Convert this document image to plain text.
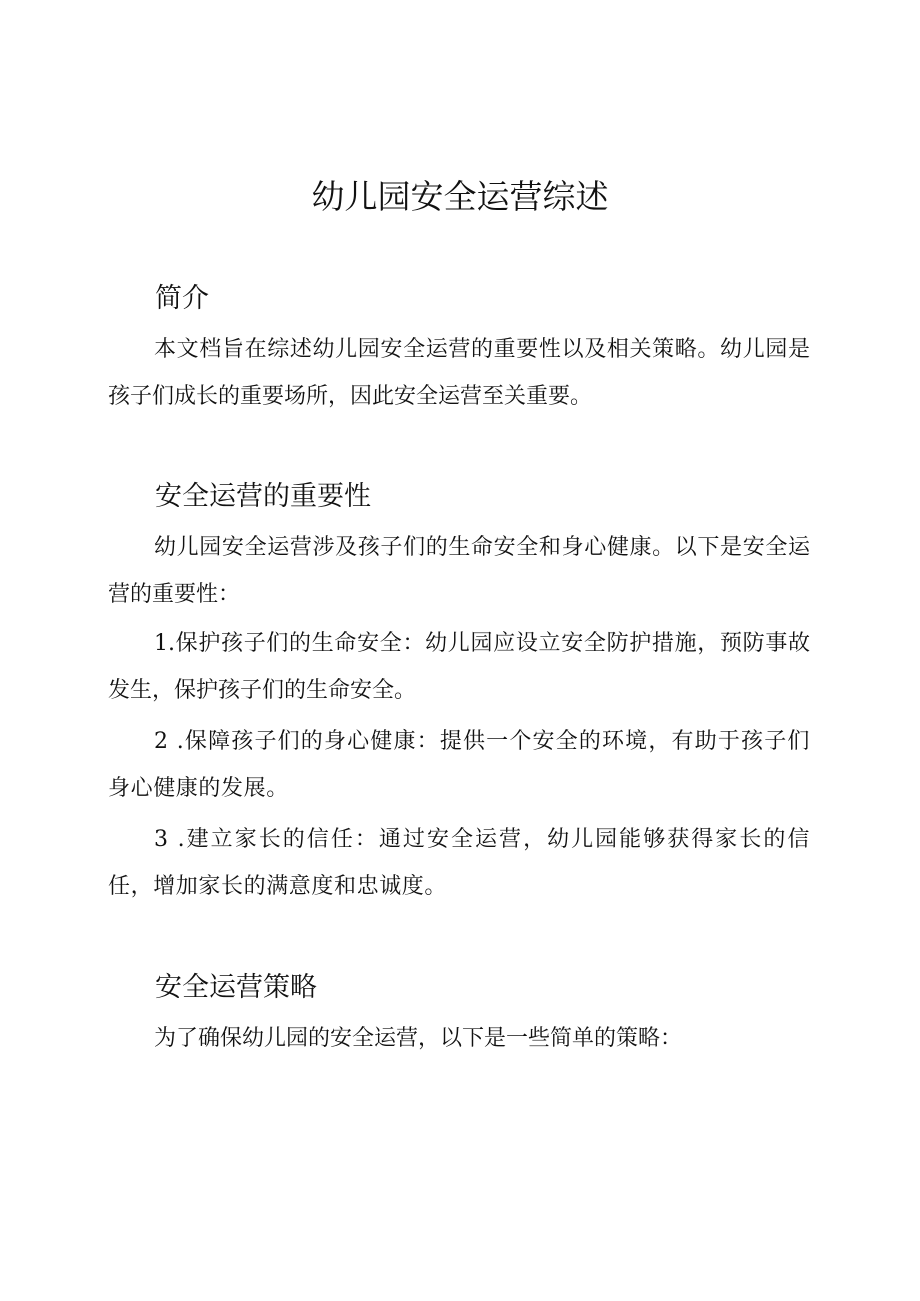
幼儿园安全运营综述
简介

本文档旨在综述幼儿园安全运营的重要性以及相关策略。幼儿园是孩子们成长的重要场所，因此安全运营至关重要。

安全运营的重要性

幼儿园安全运营涉及孩子们的生命安全和身心健康。以下是安全运营的重要性：

1.保护孩子们的生命安全：幼儿园应设立安全防护措施，预防事故发生，保护孩子们的生命安全。

2 .保障孩子们的身心健康：提供一个安全的环境，有助于孩子们身心健康的发展。

3 .建立家长的信任：通过安全运营，幼儿园能够获得家长的信任，增加家长的满意度和忠诚度。

安全运营策略

为了确保幼儿园的安全运营，以下是一些简单的策略：
